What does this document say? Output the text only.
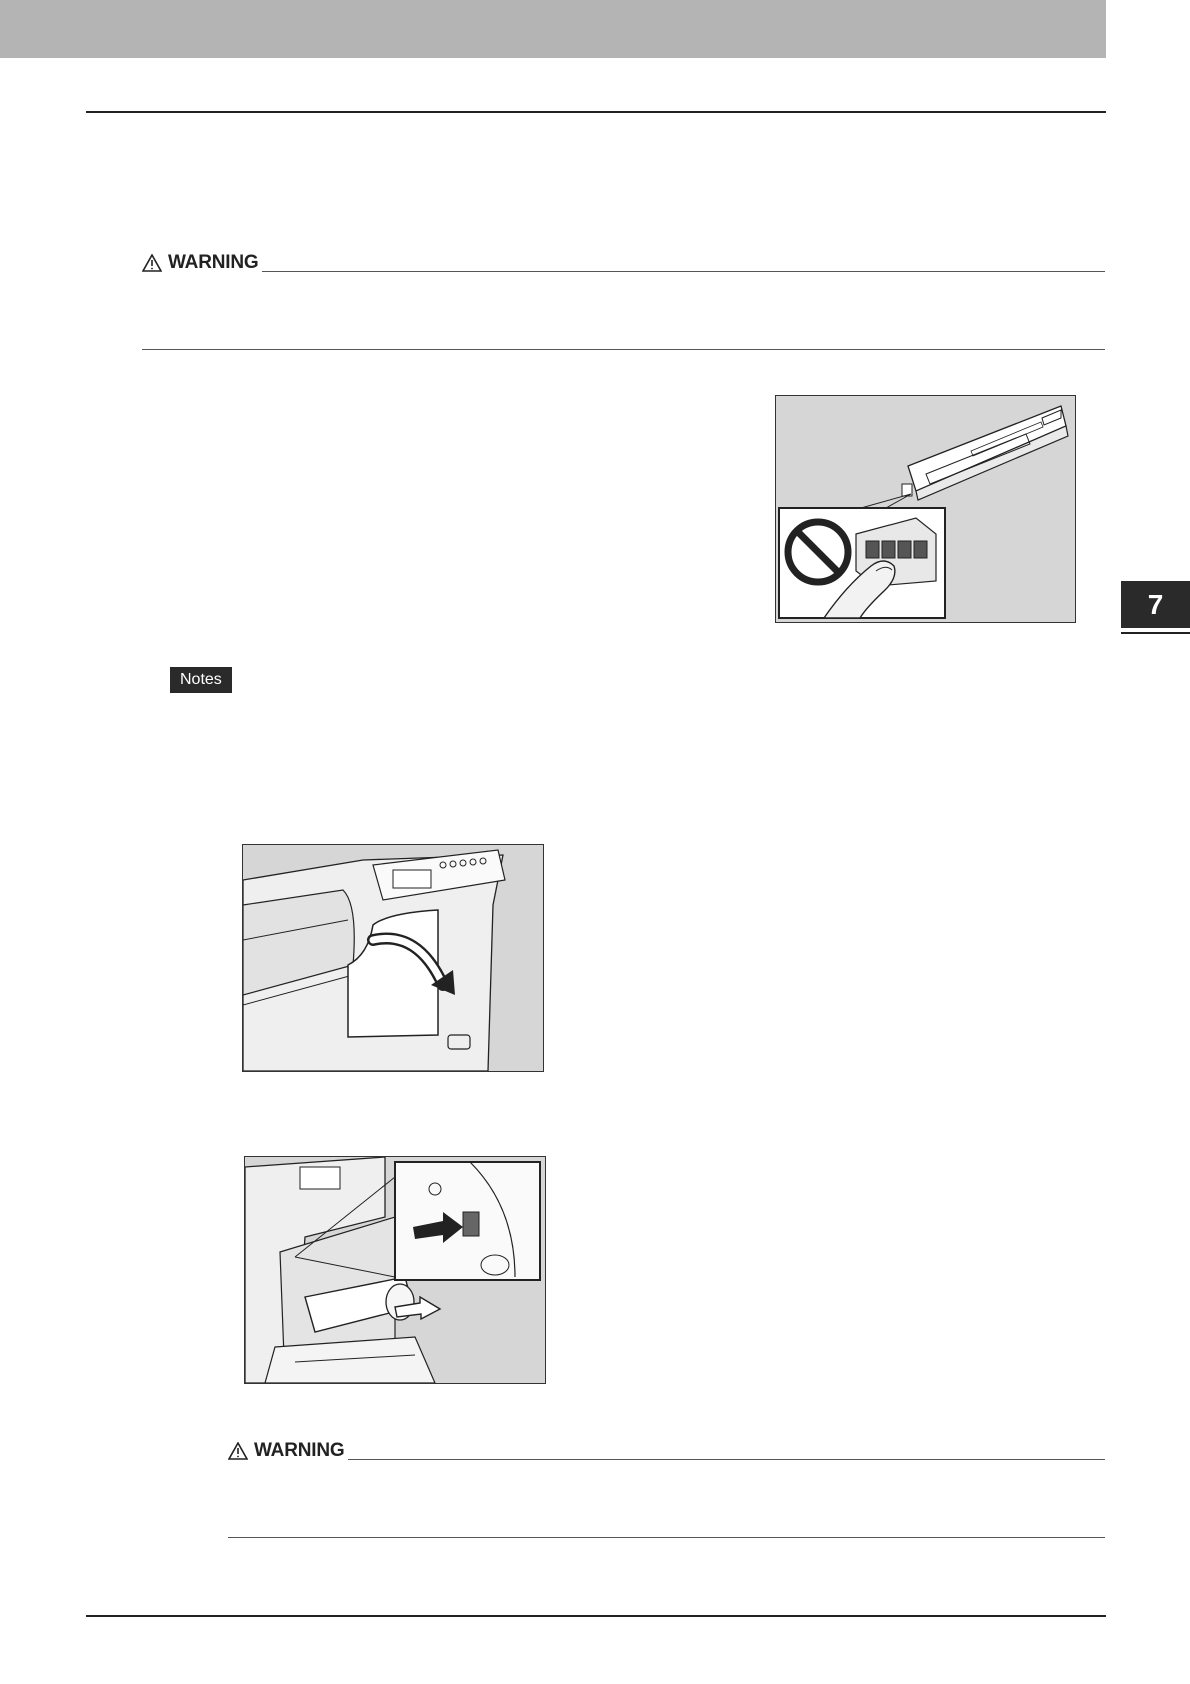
WARNING
7
Notes
WARNING
